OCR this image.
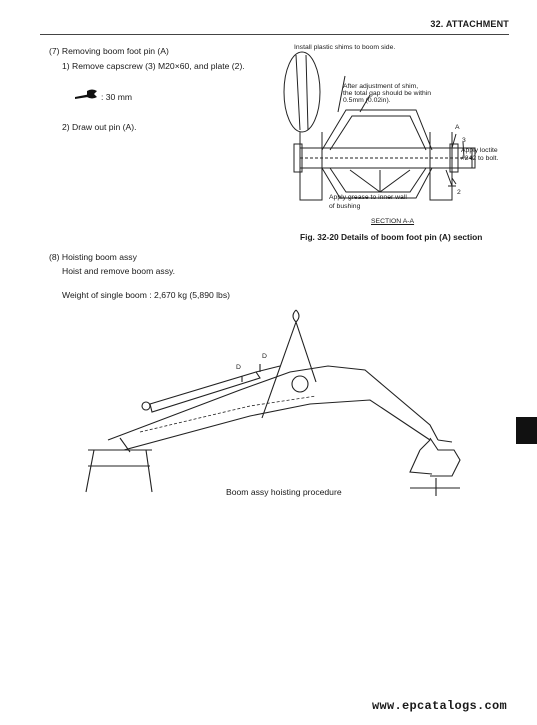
32. ATTACHMENT
(7) Removing boom foot pin (A)
1) Remove capscrew (3) M20×60, and plate (2).
: 30 mm
2) Draw out pin (A).
Install plastic shims to boom side.
After adjustment of shim,
the total gap should be within
0.5mm (0.02in).
A
3
Apply loctite
#242 to bolt.
2
Apply grease to inner wall
of bushing
SECTION A-A
Fig. 32-20 Details of boom foot pin (A) section
(8) Hoisting boom assy
Hoist and remove boom assy.
Weight of single boom : 2,670 kg (5,890 lbs)
D
D
Boom assy hoisting procedure
www.epcatalogs.com
